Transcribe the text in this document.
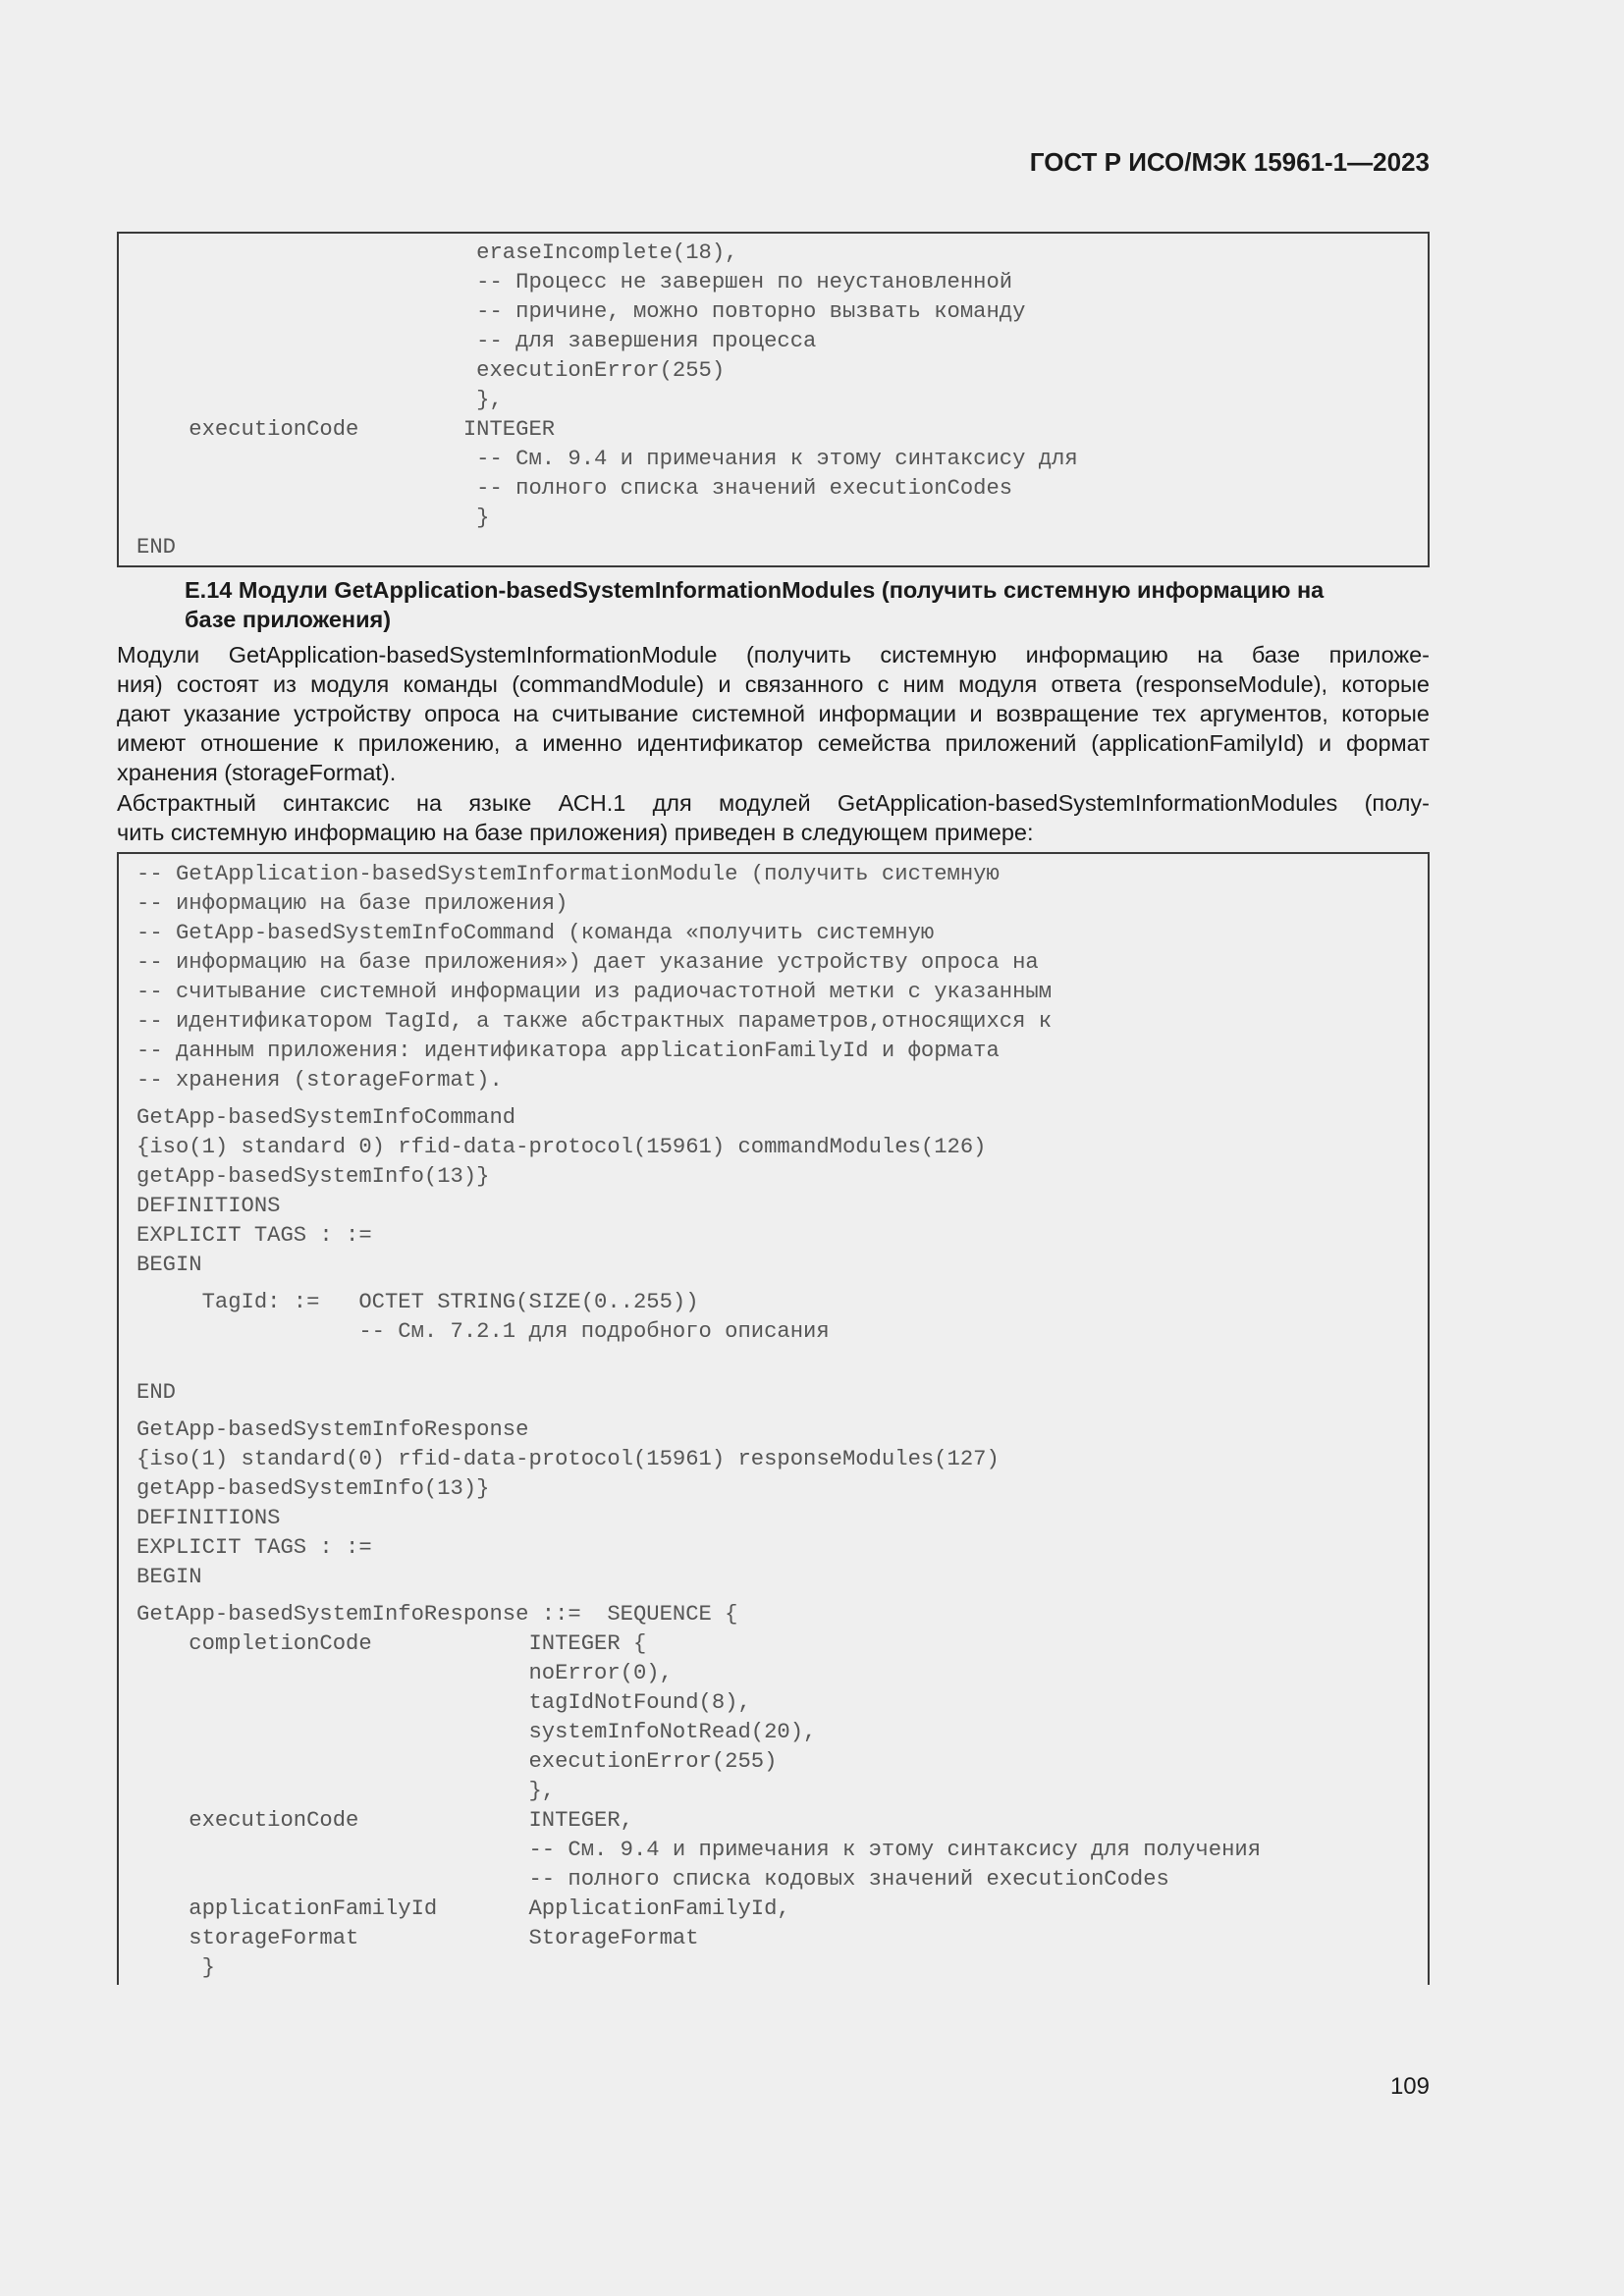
ГОСТ Р ИСО/МЭК 15961-1—2023
eraseIncomplete(18),
-- Процесс не завершен по неустановленной
-- причине, можно повторно вызвать команду
-- для завершения процесса
executionError(255)
},
executionCode        INTEGER
-- См. 9.4 и примечания к этому синтаксису для
-- полного списка значений executionCodes
}
END
E.14 Модули GetApplication-basedSystemInformationModules (получить системную информацию на
базе приложения)
Модули GetApplication-basedSystemInformationModule (получить системную информацию на базе приложе-
ния) состоят из модуля команды (commandModule) и связанного с ним модуля ответа (responseModule), которые
дают указание устройству опроса на считывание системной информации и возвращение тех аргументов, которые
имеют отношение к приложению, а именно идентификатор семейства приложений (applicationFamilyId) и формат
хранения (storageFormat).
Абстрактный синтаксис на языке АСН.1 для модулей GetApplication-basedSystemInformationModules (полу-
чить системную информацию на базе приложения) приведен в следующем примере:
-- GetApplication-basedSystemInformationModule (получить системную
-- информацию на базе приложения)
-- GetApp-basedSystemInfoCommand (команда «получить системную
-- информацию на базе приложения») дает указание устройству опроса на
-- считывание системной информации из радиочастотной метки с указанным
-- идентификатором TagId, а также абстрактных параметров,относящихся к
-- данным приложения: идентификатора applicationFamilyId и формата
-- хранения (storageFormat).
GetApp-basedSystemInfoCommand
{iso(1) standard 0) rfid-data-protocol(15961) commandModules(126)
getApp-basedSystemInfo(13)}
DEFINITIONS
EXPLICIT TAGS : :=
BEGIN
TagId: :=   OCTET STRING(SIZE(0..255))
-- См. 7.2.1 для подробного описания
END
GetApp-basedSystemInfoResponse
{iso(1) standard(0) rfid-data-protocol(15961) responseModules(127)
getApp-basedSystemInfo(13)}
DEFINITIONS
EXPLICIT TAGS : :=
BEGIN
GetApp-basedSystemInfoResponse ::=  SEQUENCE {
completionCode            INTEGER {
noError(0),
tagIdNotFound(8),
systemInfoNotRead(20),
executionError(255)
},
executionCode             INTEGER,
-- См. 9.4 и примечания к этому синтаксису для получения
-- полного списка кодовых значений executionCodes
applicationFamilyId       ApplicationFamilyId,
storageFormat             StorageFormat
}
109
